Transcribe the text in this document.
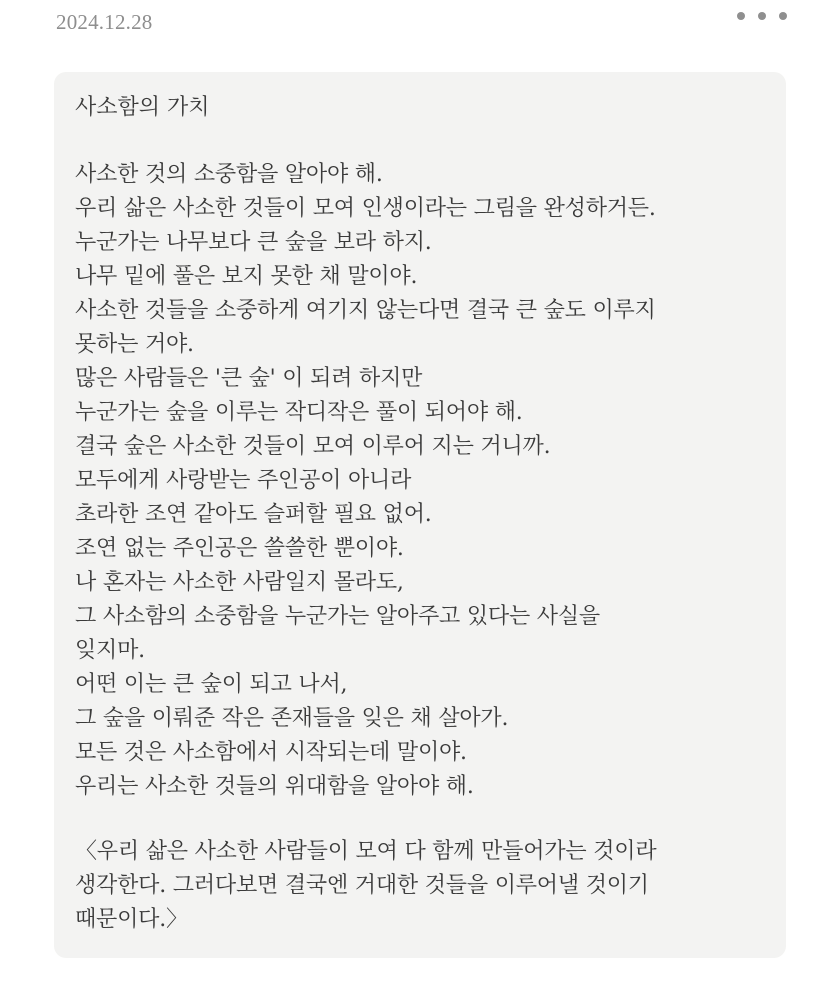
2024.12.28
사소함의 가치
사소한 것의 소중함을 알아야 해.
우리 삶은 사소한 것들이 모여 인생이라는 그림을 완성하거든.
누군가는 나무보다 큰 숲을 보라 하지.
나무 밑에 풀은 보지 못한 채 말이야.
사소한 것들을 소중하게 여기지 않는다면 결국 큰 숲도 이루지
못하는 거야.
많은 사람들은 '큰 숲' 이 되려 하지만
누군가는 숲을 이루는 작디작은 풀이 되어야 해.
결국 숲은 사소한 것들이 모여 이루어 지는 거니까.
모두에게 사랑받는 주인공이 아니라
초라한 조연 같아도 슬퍼할 필요 없어.
조연 없는 주인공은 쓸쓸한 뿐이야.
나 혼자는 사소한 사람일지 몰라도,
그 사소함의 소중함을 누군가는 알아주고 있다는 사실을
잊지마.
어떤 이는 큰 숲이 되고 나서,
그 숲을 이뤄준 작은 존재들을 잊은 채 살아가.
모든 것은 사소함에서 시작되는데 말이야.
우리는 사소한 것들의 위대함을 알아야 해.
〈우리 삶은 사소한 사람들이 모여 다 함께 만들어가는 것이라
생각한다. 그러다보면 결국엔 거대한 것들을 이루어낼 것이기
때문이다.〉
